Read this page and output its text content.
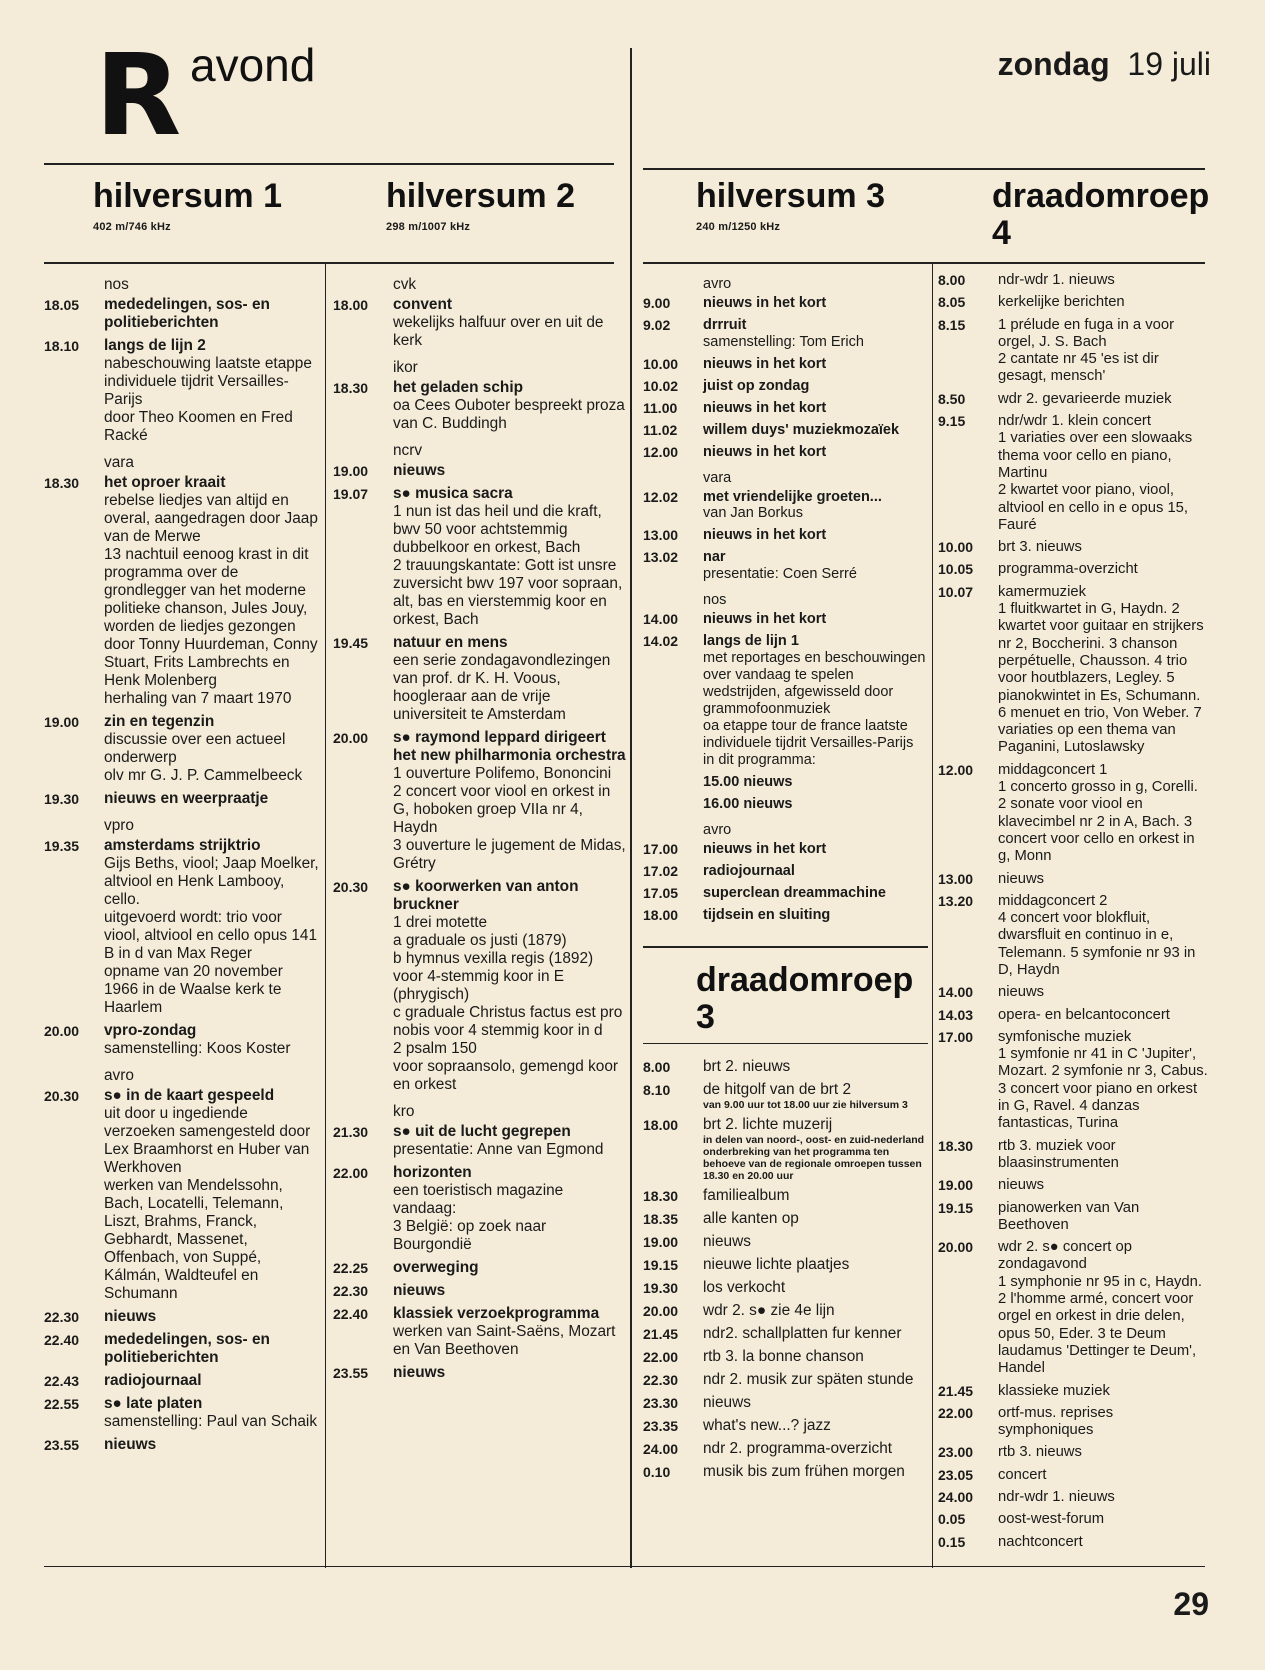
R avond	zondag 19 juli
hilversum 1
402 m/746 kHz
hilversum 2
298 m/1007 kHz
hilversum 3
240 m/1250 kHz
draadomroep 4
draadomroep 3
nos
18.05	mededelingen, sos- en politieberichten
18.10	langs de lijn 2
nabeschouwing laatste etappe individuele tijdrit Versailles-Parijs
door Theo Koomen en Fred Racké
vara
18.30	het oproer kraait
rebelse liedjes van altijd en overal, aangedragen door Jaap van de Merwe
13 nachtuil eenoog krast in dit programma over de grondlegger van het moderne politieke chanson, Jules Jouy, worden de liedjes gezongen door Tonny Huurdeman, Conny Stuart, Frits Lambrechts en Henk Molenberg
herhaling van 7 maart 1970
19.00	zin en tegenzin
discussie over een actueel onderwerp
olv mr G. J. P. Cammelbeeck
19.30	nieuws en weerpraatje
vpro
19.35	amsterdams strijktrio
Gijs Beths, viool; Jaap Moelker, altviool en Henk Lambooy, cello.
uitgevoerd wordt: trio voor viool, altviool en cello opus 141 B in d van Max Reger
opname van 20 november 1966 in de Waalse kerk te Haarlem
20.00	vpro-zondag
samenstelling: Koos Koster
avro
20.30	s● in de kaart gespeeld
uit door u ingediende verzoeken samengesteld door Lex Braamhorst en Huber van Werkhoven
werken van Mendelssohn, Bach, Locatelli, Telemann, Liszt, Brahms, Franck, Gebhardt, Massenet, Offenbach, von Suppé, Kálmán, Waldteufel en Schumann
22.30	nieuws
22.40	mededelingen, sos- en politieberichten
22.43	radiojournaal
22.55	s● late platen
samenstelling: Paul van Schaik
23.55	nieuws
cvk
18.00	convent
wekelijks halfuur over en uit de kerk
ikor
18.30	het geladen schip
oa Cees Ouboter bespreekt proza van C. Buddingh
ncrv
19.00	nieuws
19.07	s● musica sacra
1 nun ist das heil und die kraft, bwv 50 voor achtstemmig dubbelkoor en orkest, Bach
2 trauungskantate: Gott ist unsre zuversicht bwv 197 voor sopraan, alt, bas en vierstemmig koor en orkest, Bach
19.45	natuur en mens
een serie zondagavondlezingen van prof. dr K. H. Voous, hoogleraar aan de vrije universiteit te Amsterdam
20.00	s● raymond leppard dirigeert het new philharmonia orchestra
1 ouverture Polifemo, Bononcini
2 concert voor viool en orkest in G, hoboken groep VIIa nr 4, Haydn
3 ouverture le jugement de Midas, Grétry
20.30	s● koorwerken van anton bruckner
1 drei motette
a graduale os justi (1879)
b hymnus vexilla regis (1892) voor 4-stemmig koor in E (phrygisch)
c graduale Christus factus est pro nobis voor 4 stemmig koor in d
2 psalm 150
voor sopraansolo, gemengd koor en orkest
kro
21.30	s● uit de lucht gegrepen
presentatie: Anne van Egmond
22.00	horizonten
een toeristisch magazine
vandaag:
3 België: op zoek naar Bourgondië
22.25	overweging
22.30	nieuws
22.40	klassiek verzoekprogramma
werken van Saint-Saëns, Mozart en Van Beethoven
23.55	nieuws
avro
9.00	nieuws in het kort
9.02	drrruit
samenstelling: Tom Erich
10.00	nieuws in het kort
10.02	juist op zondag
11.00	nieuws in het kort
11.02	willem duys' muziekmozaïek
12.00	nieuws in het kort
vara
12.02	met vriendelijke groeten...
van Jan Borkus
13.00	nieuws in het kort
13.02	nar
presentatie: Coen Serré
nos
14.00	nieuws in het kort
14.02	langs de lijn 1
met reportages en beschouwingen over vandaag te spelen wedstrijden, afgewisseld door grammofoonmuziek
oa etappe tour de france laatste individuele tijdrit Versailles-Parijs
in dit programma:
15.00 nieuws
16.00 nieuws
avro
17.00	nieuws in het kort
17.02	radiojournaal
17.05	superclean dreammachine
18.00	tijdsein en sluiting
8.00	brt 2. nieuws
8.10	de hitgolf van de brt 2
van 9.00 uur tot 18.00 uur zie hilversum 3
18.00	brt 2. lichte muzerij
in delen van noord-, oost- en zuid-nederland onderbreking van het programma ten behoeve van de regionale omroepen tussen 18.30 en 20.00 uur
18.30	familiealbum
18.35	alle kanten op
19.00	nieuws
19.15	nieuwe lichte plaatjes
19.30	los verkocht
20.00	wdr 2. s● zie 4e lijn
21.45	ndr2. schallplatten fur kenner
22.00	rtb 3. la bonne chanson
22.30	ndr 2. musik zur späten stunde
23.30	nieuws
23.35	what's new...? jazz
24.00	ndr 2. programma-overzicht
0.10	musik bis zum frühen morgen
8.00	ndr-wdr 1. nieuws
8.05	kerkelijke berichten
8.15	1 prélude en fuga in a voor orgel, J. S. Bach
2 cantate nr 45 'es ist dir gesagt, mensch'
8.50	wdr 2. gevarieerde muziek
9.15	ndr/wdr 1. klein concert
1 variaties over een slowaaks thema voor cello en piano, Martinu
2 kwartet voor piano, viool, altviool en cello in e opus 15, Fauré
10.00	brt 3. nieuws
10.05	programma-overzicht
10.07	kamermuziek
1 fluitkwartet in G, Haydn. 2 kwartet voor guitaar en strijkers nr 2, Boccherini. 3 chanson perpétuelle, Chausson. 4 trio voor houtblazers, Legley. 5 pianokwintet in Es, Schumann. 6 menuet en trio, Von Weber. 7 variaties op een thema van Paganini, Lutoslawsky
12.00	middagconcert 1
1 concerto grosso in g, Corelli. 2 sonate voor viool en klavecimbel nr 2 in A, Bach. 3 concert voor cello en orkest in g, Monn
13.00	nieuws
13.20	middagconcert 2
4 concert voor blokfluit, dwarsfluit en continuo in e, Telemann. 5 symfonie nr 93 in D, Haydn
14.00	nieuws
14.03	opera- en belcantoconcert
17.00	symfonische muziek
1 symfonie nr 41 in C 'Jupiter', Mozart. 2 symfonie nr 3, Cabus. 3 concert voor piano en orkest in G, Ravel. 4 danzas fantasticas, Turina
18.30	rtb 3. muziek voor blaasinstrumenten
19.00	nieuws
19.15	pianowerken van Van Beethoven
20.00	wdr 2. s● concert op zondagavond
1 symphonie nr 95 in c, Haydn. 2 l'homme armé, concert voor orgel en orkest in drie delen, opus 50, Eder. 3 te Deum laudamus 'Dettinger te Deum', Handel
21.45	klassieke muziek
22.00	ortf-mus. reprises symphoniques
23.00	rtb 3. nieuws
23.05	concert
24.00	ndr-wdr 1. nieuws
0.05	oost-west-forum
0.15	nachtconcert
29
